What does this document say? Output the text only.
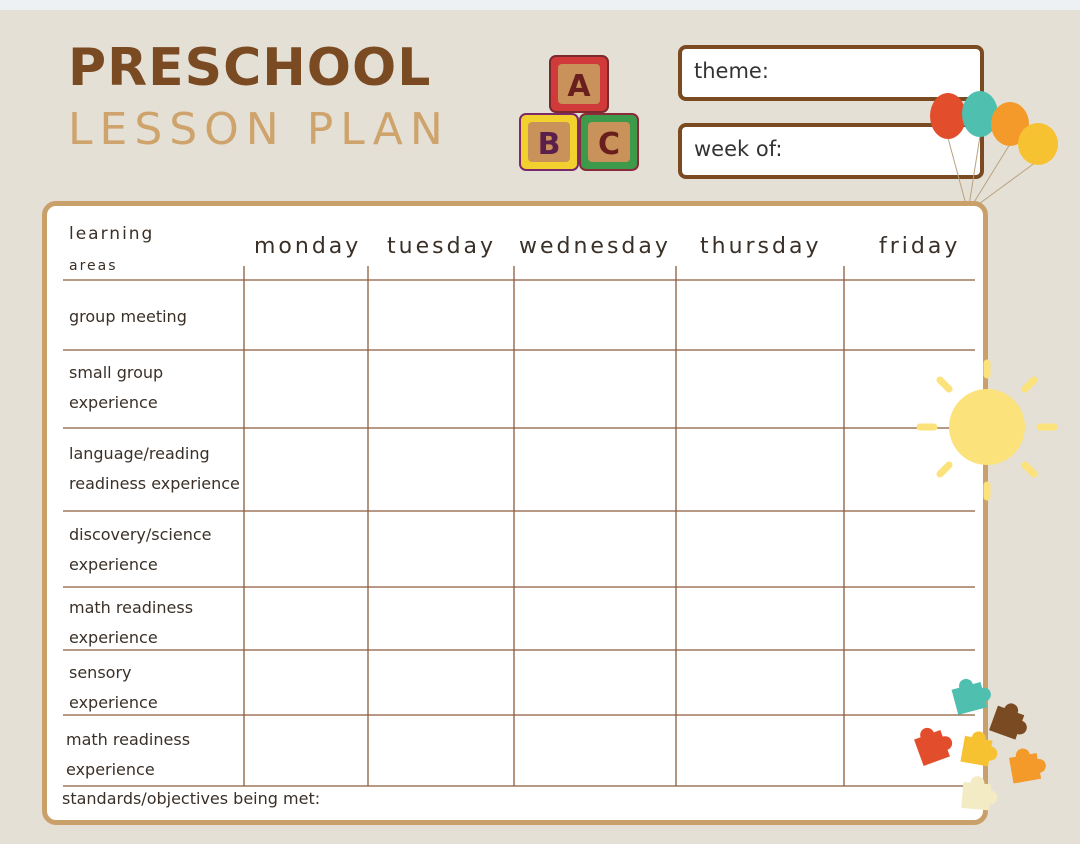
PRESCHOOL
LESSON PLAN
A
B C
theme:
week of:
learning
areas
monday tuesday wednesday thursday	friday
group meeting
small group
experience
language/reading
readiness experience
discovery/science
experience
math readiness
experience
sensory
experience
math readiness
experience
standards/objectives being met:
